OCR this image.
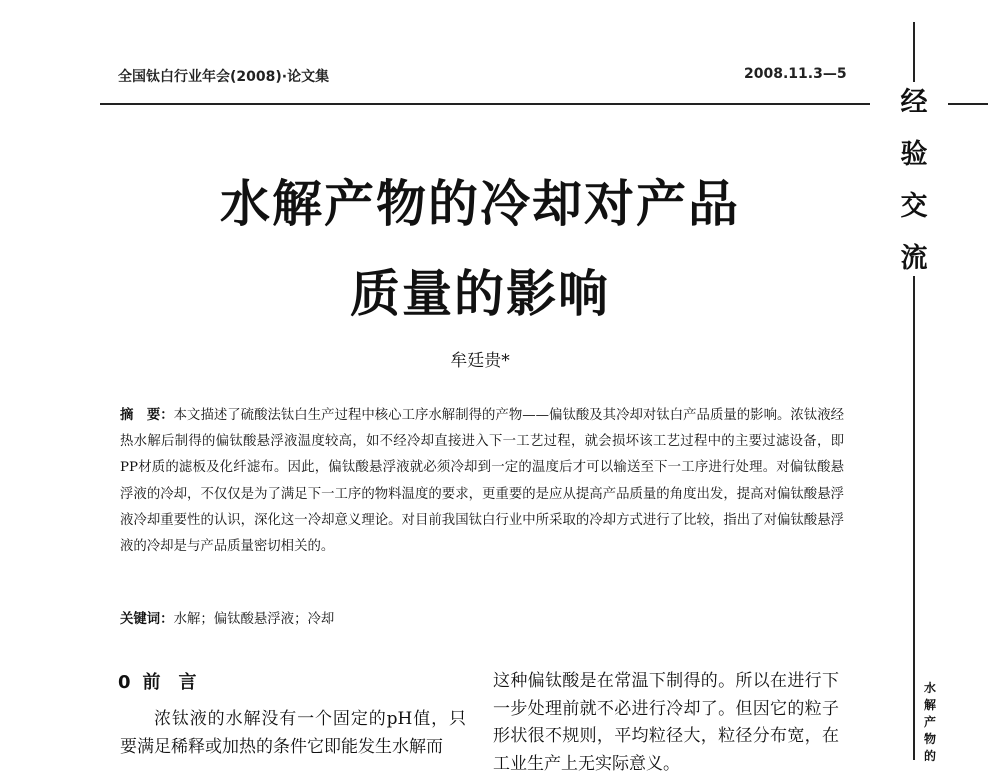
全国钛白行业年会(2008)·论文集	2008.11.3—5
经
验
交
流
水解产物的冷却对产品
质量的影响
牟廷贵*
摘　要：本文描述了硫酸法钛白生产过程中核心工序水解制得的产物——偏钛酸及其冷却对钛白产品质量的影响。浓钛液经热水解后制得的偏钛酸悬浮液温度较高，如不经冷却直接进入下一工艺过程，就会损坏该工艺过程中的主要过滤设备，即PP材质的滤板及化纤滤布。因此，偏钛酸悬浮液就必须冷却到一定的温度后才可以输送至下一工序进行处理。对偏钛酸悬浮液的冷却，不仅仅是为了满足下一工序的物料温度的要求，更重要的是应从提高产品质量的角度出发，提高对偏钛酸悬浮液冷却重要性的认识，深化这一冷却意义理论。对目前我国钛白行业中所采取的冷却方式进行了比较，指出了对偏钛酸悬浮液的冷却是与产品质量密切相关的。
关键词：水解；偏钛酸悬浮液；冷却
0 前　言
浓钛液的水解没有一个固定的pH值，只要满足稀释或加热的条件它即能发生水解而
这种偏钛酸是在常温下制得的。所以在进行下一步处理前就不必进行冷却了。但因它的粒子形状很不规则，平均粒径大，粒径分布宽，在工业生产上无实际意义。
水
解
产
物
的
